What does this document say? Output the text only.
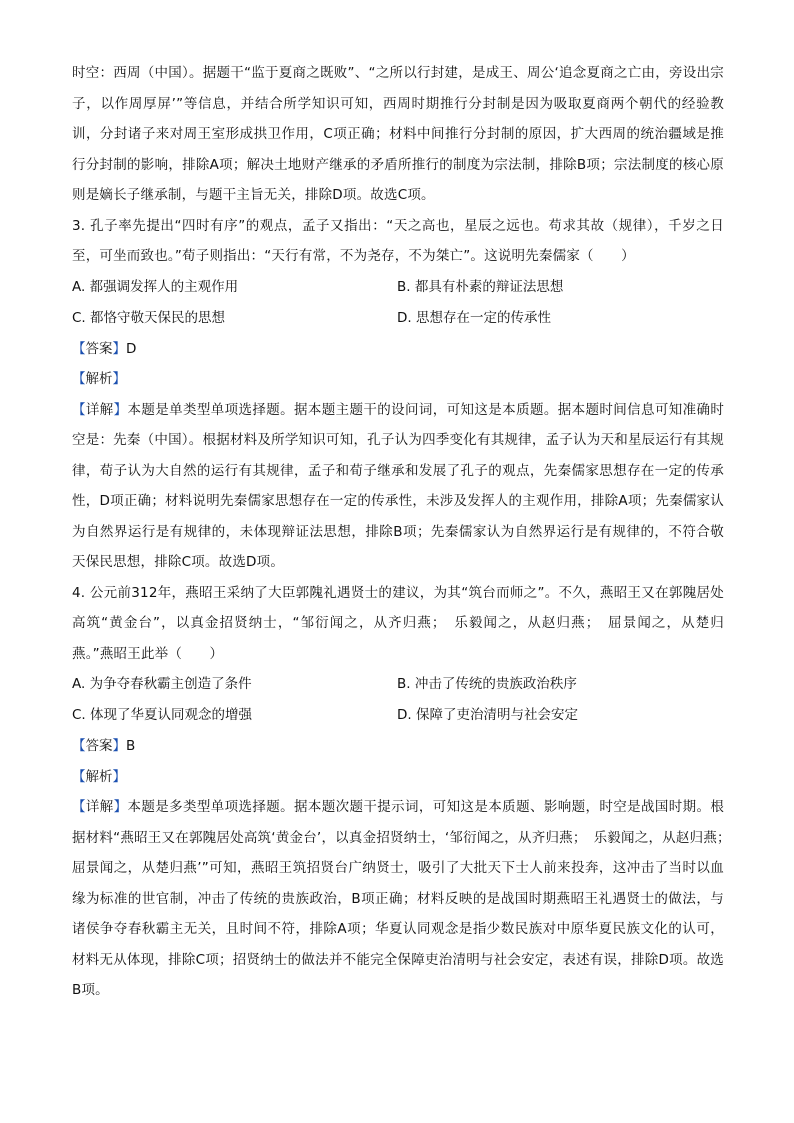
时空：西周（中国）。据题干“监于夏商之既败”、“之所以行封建，是成王、周公‘追念夏商之亡由，旁设出宗子，以作周厚屏’”等信息，并结合所学知识可知，西周时期推行分封制是因为吸取夏商两个朝代的经验教训，分封诸子来对周王室形成拱卫作用，C项正确；材料中间推行分封制的原因，扩大西周的统治疆域是推行分封制的影响，排除A项；解决土地财产继承的矛盾所推行的制度为宗法制，排除B项；宗法制度的核心原则是嫡长子继承制，与题干主旨无关，排除D项。故选C项。

3. 孔子率先提出“四时有序”的观点，孟子又指出：“天之高也，星辰之远也。苟求其故（规律），千岁之日至，可坐而致也。”荀子则指出：“天行有常，不为尧存，不为桀亡”。这说明先秦儒家（　　）

A. 都强调发挥人的主观作用	B. 都具有朴素的辩证法思想
C. 都恪守敬天保民的思想	D. 思想存在一定的传承性

【答案】D

【解析】

【详解】本题是单类型单项选择题。据本题主题干的设问词，可知这是本质题。据本题时间信息可知准确时空是：先秦（中国）。根据材料及所学知识可知，孔子认为四季变化有其规律，孟子认为天和星辰运行有其规律，荀子认为大自然的运行有其规律，孟子和荀子继承和发展了孔子的观点，先秦儒家思想存在一定的传承性，D项正确；材料说明先秦儒家思想存在一定的传承性，未涉及发挥人的主观作用，排除A项；先秦儒家认为自然界运行是有规律的，未体现辩证法思想，排除B项；先秦儒家认为自然界运行是有规律的，不符合敬天保民思想，排除C项。故选D项。

4. 公元前312年，燕昭王采纳了大臣郭隗礼遇贤士的建议，为其“筑台而师之”。不久，燕昭王又在郭隗居处高筑“黄金台”，以真金招贤纳士，“邹衍闻之，从齐归燕；　乐毅闻之，从赵归燕；　屈景闻之，从楚归燕。”燕昭王此举（　　）

A. 为争夺春秋霸主创造了条件	B. 冲击了传统的贵族政治秩序
C. 体现了华夏认同观念的增强	D. 保障了吏治清明与社会安定

【答案】B

【解析】

【详解】本题是多类型单项选择题。据本题次题干提示词，可知这是本质题、影响题，时空是战国时期。根据材料“燕昭王又在郭隗居处高筑‘黄金台’，以真金招贤纳士，‘邹衍闻之，从齐归燕；　乐毅闻之，从赵归燕；　屈景闻之，从楚归燕’”可知，燕昭王筑招贤台广纳贤士，吸引了大批天下士人前来投奔，这冲击了当时以血缘为标准的世官制，冲击了传统的贵族政治，B项正确；材料反映的是战国时期燕昭王礼遇贤士的做法，与诸侯争夺春秋霸主无关，且时间不符，排除A项；华夏认同观念是指少数民族对中原华夏民族文化的认可，材料无从体现，排除C项；招贤纳士的做法并不能完全保障吏治清明与社会安定，表述有误，排除D项。故选B项。
